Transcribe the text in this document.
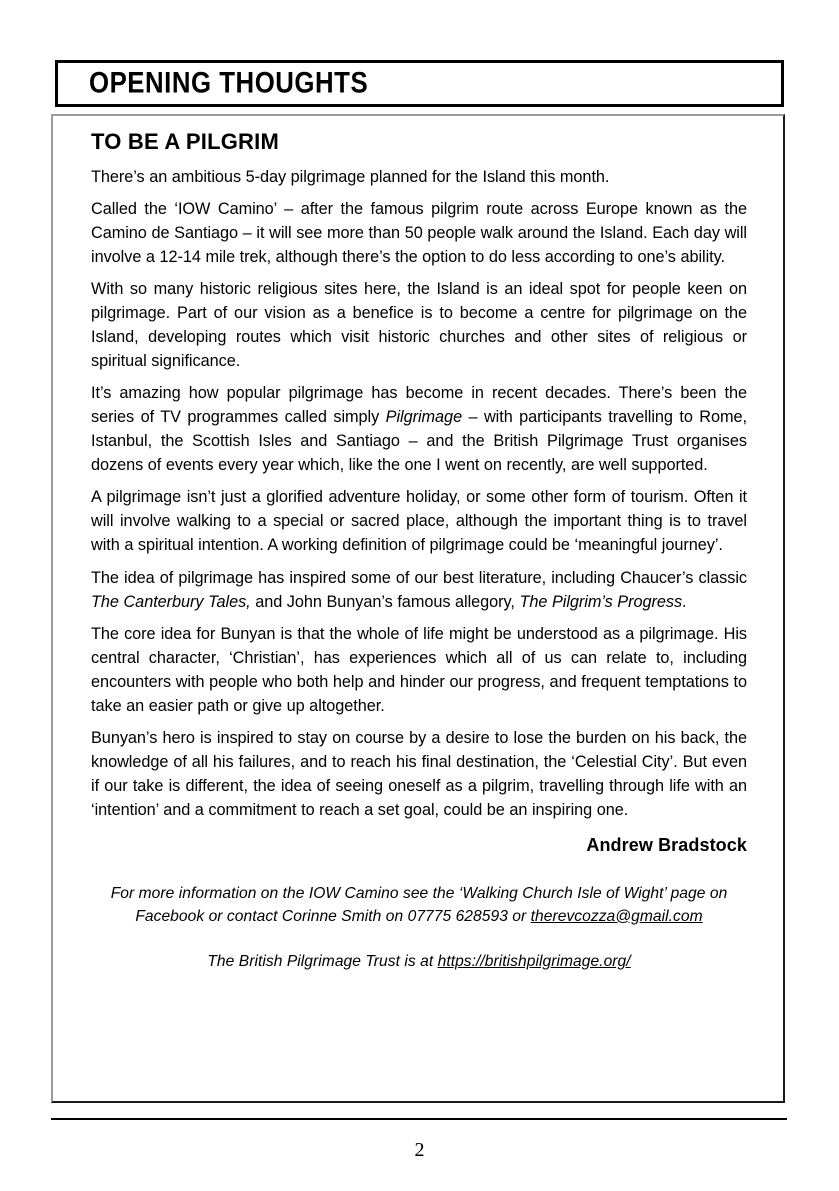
OPENING THOUGHTS
TO BE A PILGRIM

There’s an ambitious 5-day pilgrimage planned for the Island this month.

Called the ‘IOW Camino’ – after the famous pilgrim route across Europe known as the Camino de Santiago – it will see more than 50 people walk around the Island. Each day will involve a 12-14 mile trek, although there’s the option to do less according to one’s ability.

With so many historic religious sites here, the Island is an ideal spot for people keen on pilgrimage. Part of our vision as a benefice is to become a centre for pilgrimage on the Island, developing routes which visit historic churches and other sites of religious or spiritual significance.

It’s amazing how popular pilgrimage has become in recent decades. There’s been the series of TV programmes called simply Pilgrimage – with participants travelling to Rome, Istanbul, the Scottish Isles and Santiago – and the British Pilgrimage Trust organises dozens of events every year which, like the one I went on recently, are well supported.

A pilgrimage isn’t just a glorified adventure holiday, or some other form of tourism. Often it will involve walking to a special or sacred place, although the important thing is to travel with a spiritual intention. A working definition of pilgrimage could be ‘meaningful journey’.

The idea of pilgrimage has inspired some of our best literature, including Chaucer’s classic The Canterbury Tales, and John Bunyan’s famous allegory, The Pilgrim’s Progress.

The core idea for Bunyan is that the whole of life might be understood as a pilgrimage. His central character, ‘Christian’, has experiences which all of us can relate to, including encounters with people who both help and hinder our progress, and frequent temptations to take an easier path or give up altogether.

Bunyan’s hero is inspired to stay on course by a desire to lose the burden on his back, the knowledge of all his failures, and to reach his final destination, the ‘Celestial City’. But even if our take is different, the idea of seeing oneself as a pilgrim, travelling through life with an ‘intention’ and a commitment to reach a set goal, could be an inspiring one.

Andrew Bradstock

For more information on the IOW Camino see the ‘Walking Church Isle of Wight’ page on Facebook or contact Corinne Smith on 07775 628593 or therevcozza@gmail.com

The British Pilgrimage Trust is at https://britishpilgrimage.org/

2
